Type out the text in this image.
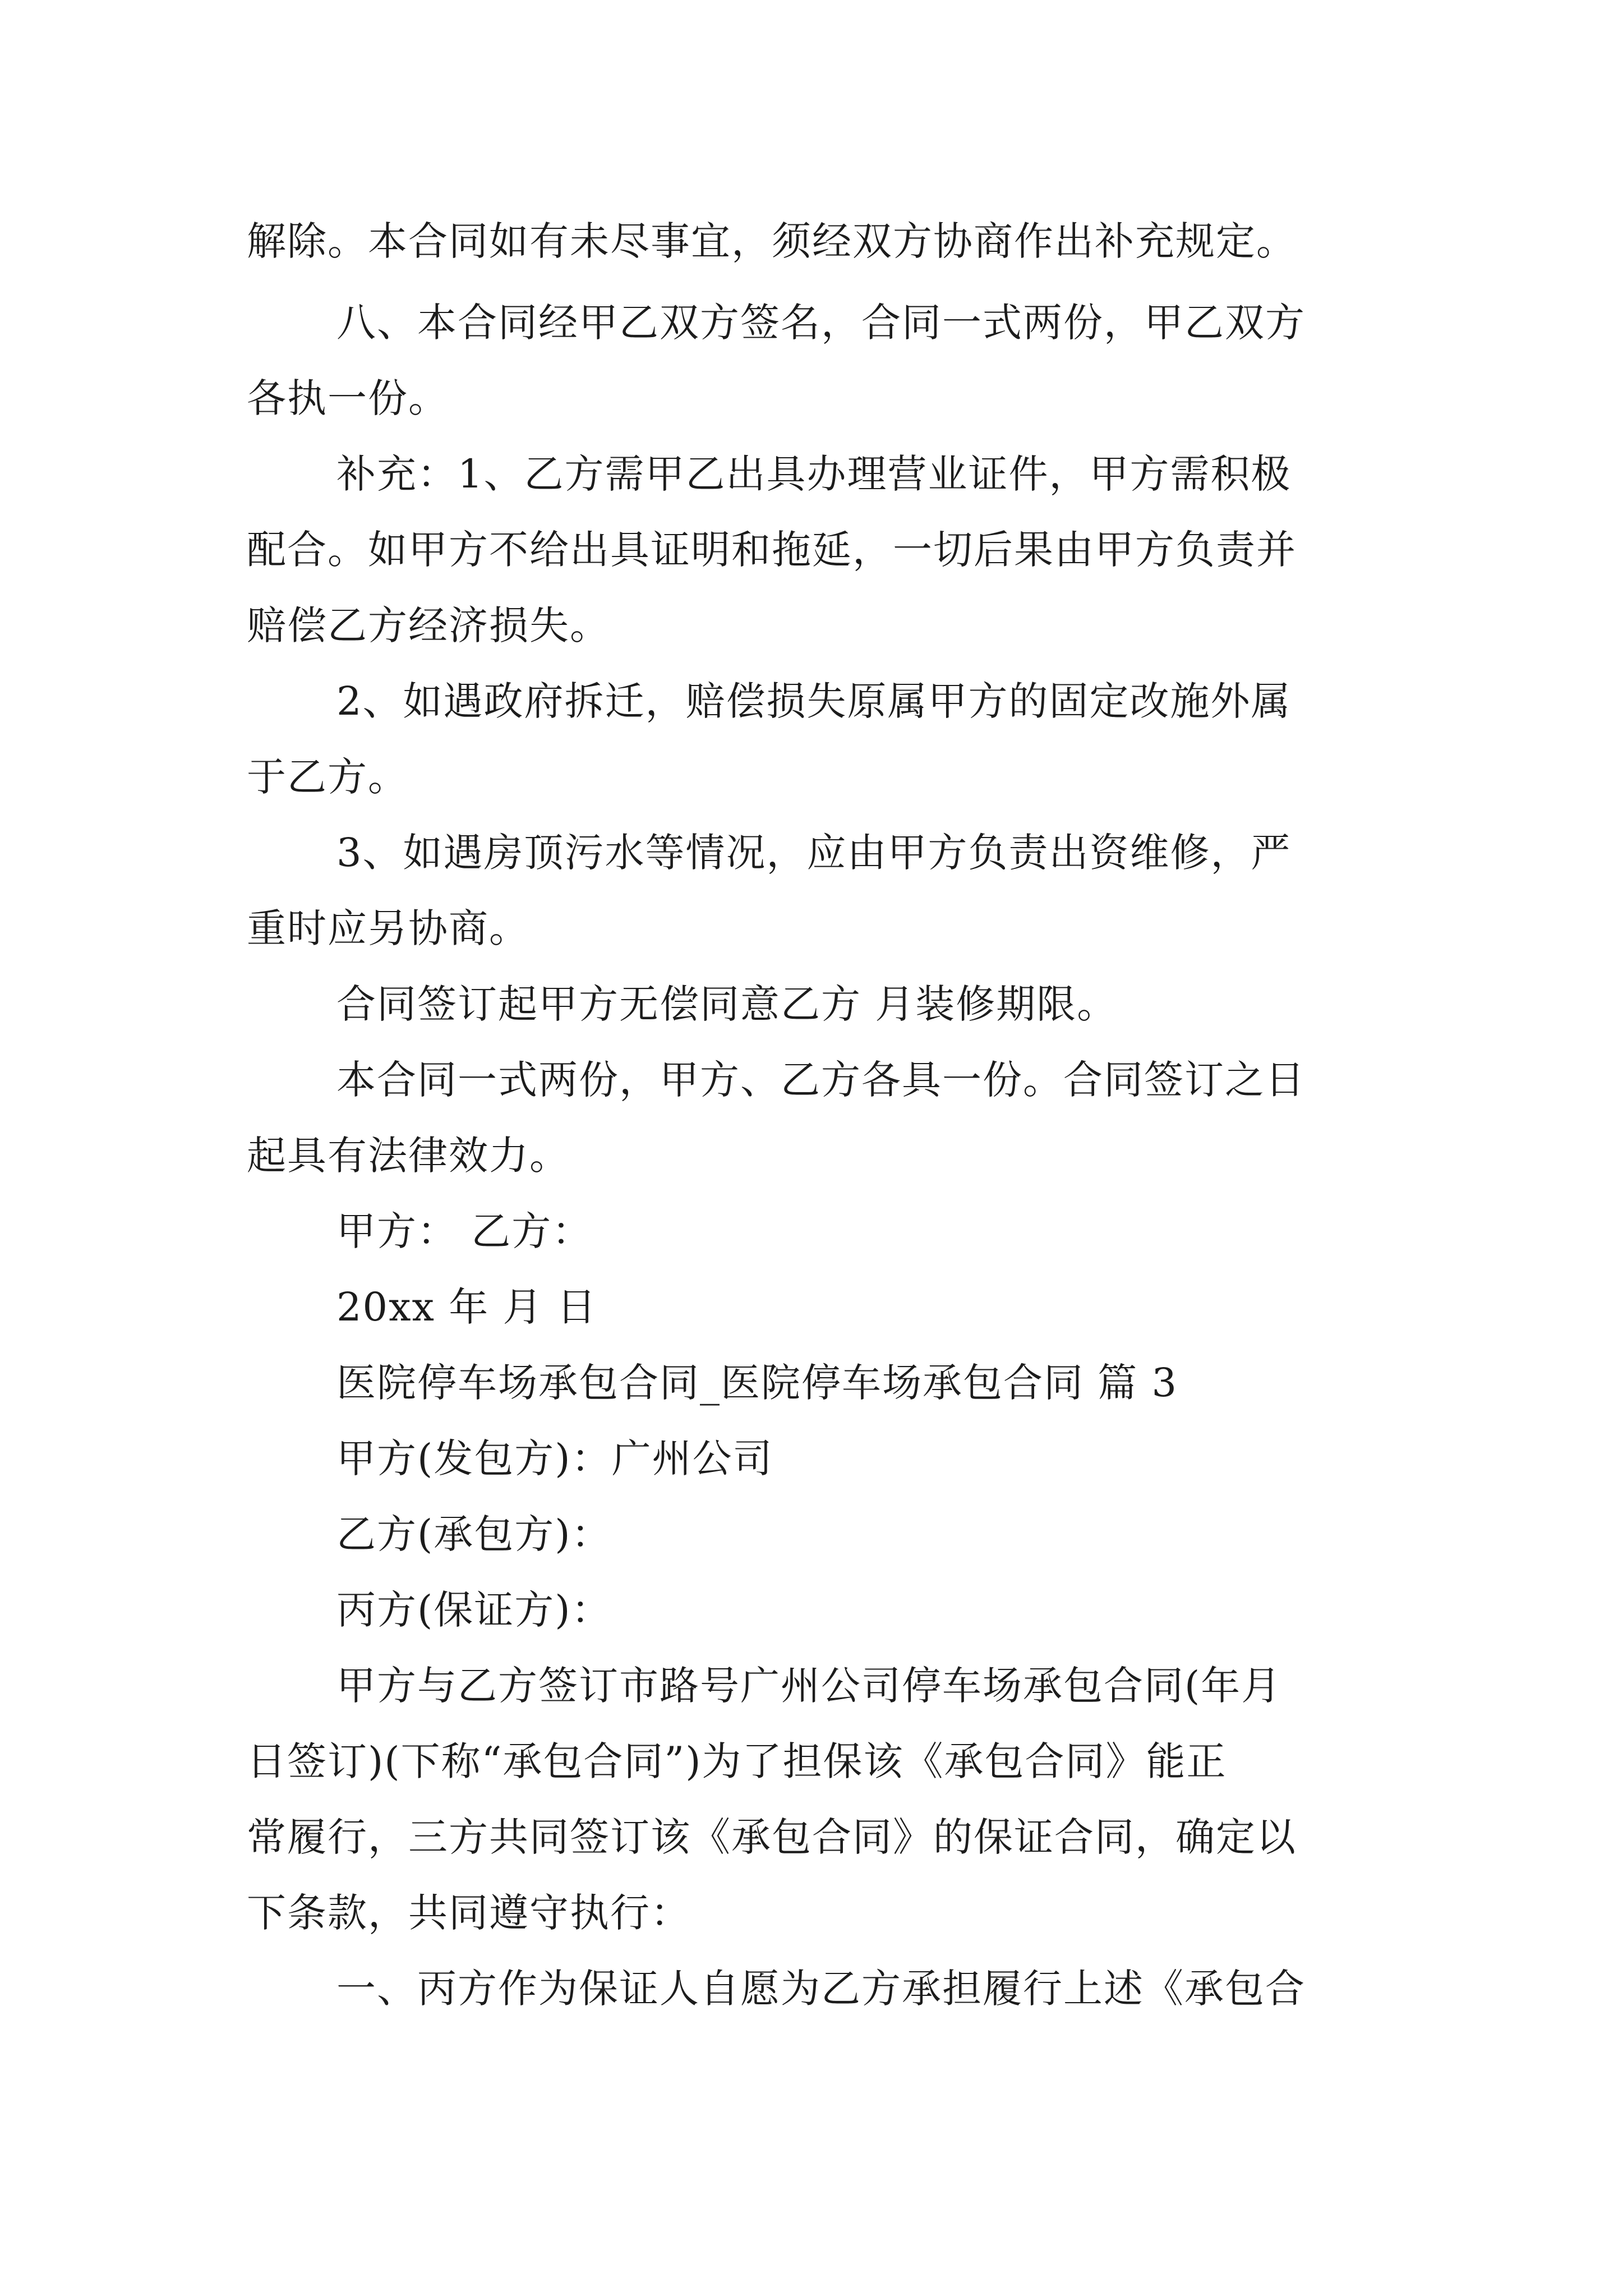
解除。本合同如有未尽事宜，须经双方协商作出补充规定。

八、本合同经甲乙双方签名，合同一式两份，甲乙双方

各执一份。

补充：1、乙方需甲乙出具办理营业证件，甲方需积极

配合。如甲方不给出具证明和拖延，一切后果由甲方负责并

赔偿乙方经济损失。

2、如遇政府拆迁，赔偿损失原属甲方的固定改施外属

于乙方。

3、如遇房顶污水等情况，应由甲方负责出资维修，严

重时应另协商。

合同签订起甲方无偿同意乙方 月装修期限。

本合同一式两份，甲方、乙方各具一份。合同签订之日

起具有法律效力。

甲方： 乙方：

20xx 年 月 日

医院停车场承包合同_医院停车场承包合同 篇 3

甲方(发包方)：广州公司

乙方(承包方)：

丙方(保证方)：

甲方与乙方签订市路号广州公司停车场承包合同(年月

日签订)(下称“承包合同”)为了担保该《承包合同》能正

常履行，三方共同签订该《承包合同》的保证合同，确定以

下条款，共同遵守执行：

一、丙方作为保证人自愿为乙方承担履行上述《承包合
